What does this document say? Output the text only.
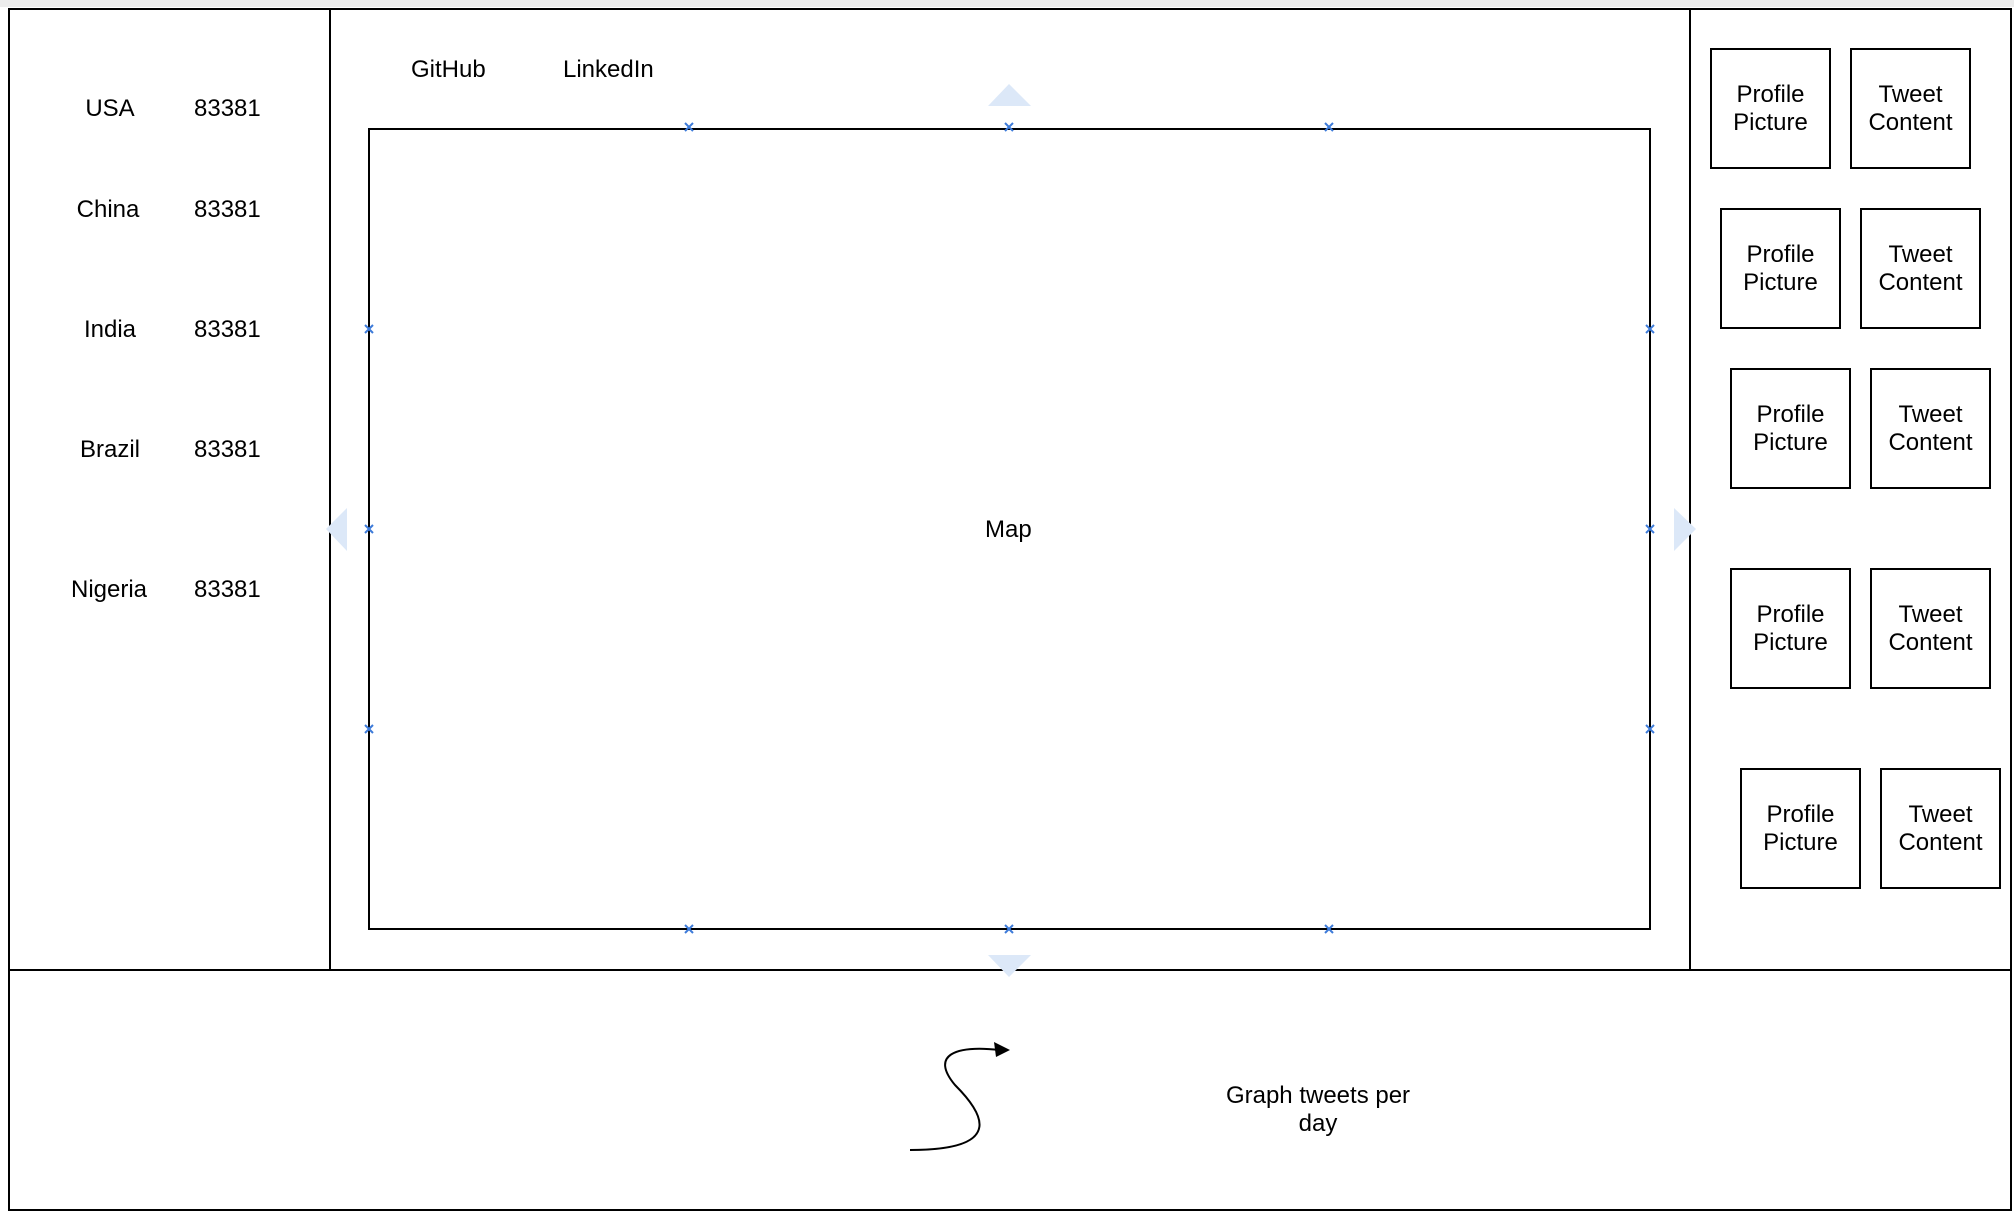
GitHub	LinkedIn
USA	83381
China	83381
India	83381
Brazil	83381
Nigeria	83381
Map
Profile Picture
Tweet Content
Profile Picture
Tweet Content
Profile Picture
Tweet Content
Profile Picture
Tweet Content
Profile Picture
Tweet Content
Graph tweets per
day
